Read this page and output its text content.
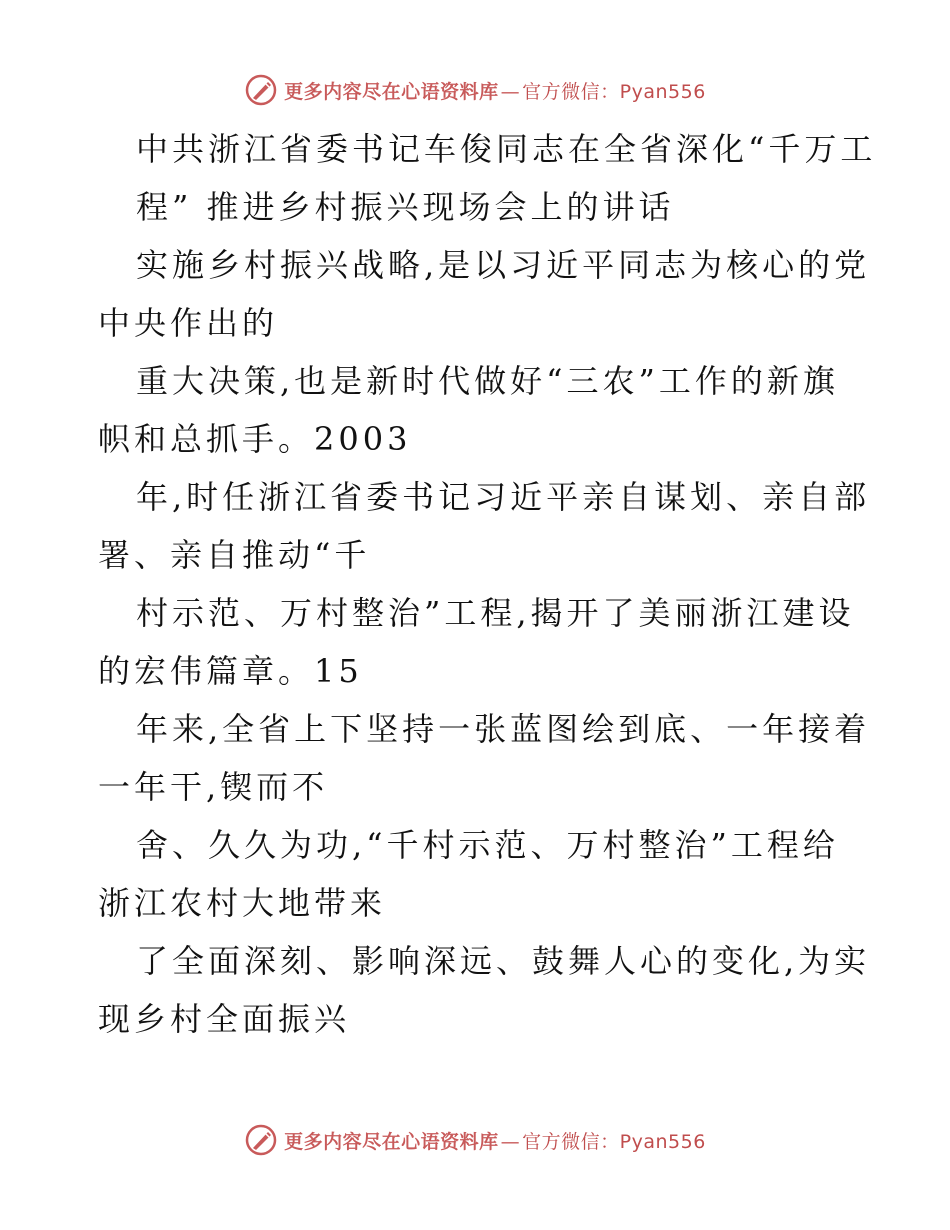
更多内容尽在心语资料库 — 官方微信：Pyan556
中共浙江省委书记车俊同志在全省深化“千万工
程” 推进乡村振兴现场会上的讲话
实施乡村振兴战略,是以习近平同志为核心的党
中央作出的
重大决策,也是新时代做好“三农”工作的新旗
帜和总抓手。2003
年,时任浙江省委书记习近平亲自谋划、亲自部
署、亲自推动“千
村示范、万村整治”工程,揭开了美丽浙江建设
的宏伟篇章。15
年来,全省上下坚持一张蓝图绘到底、一年接着
一年干,锲而不
舍、久久为功,“千村示范、万村整治”工程给
浙江农村大地带来
了全面深刻、影响深远、鼓舞人心的变化,为实
现乡村全面振兴
更多内容尽在心语资料库 — 官方微信：Pyan556
